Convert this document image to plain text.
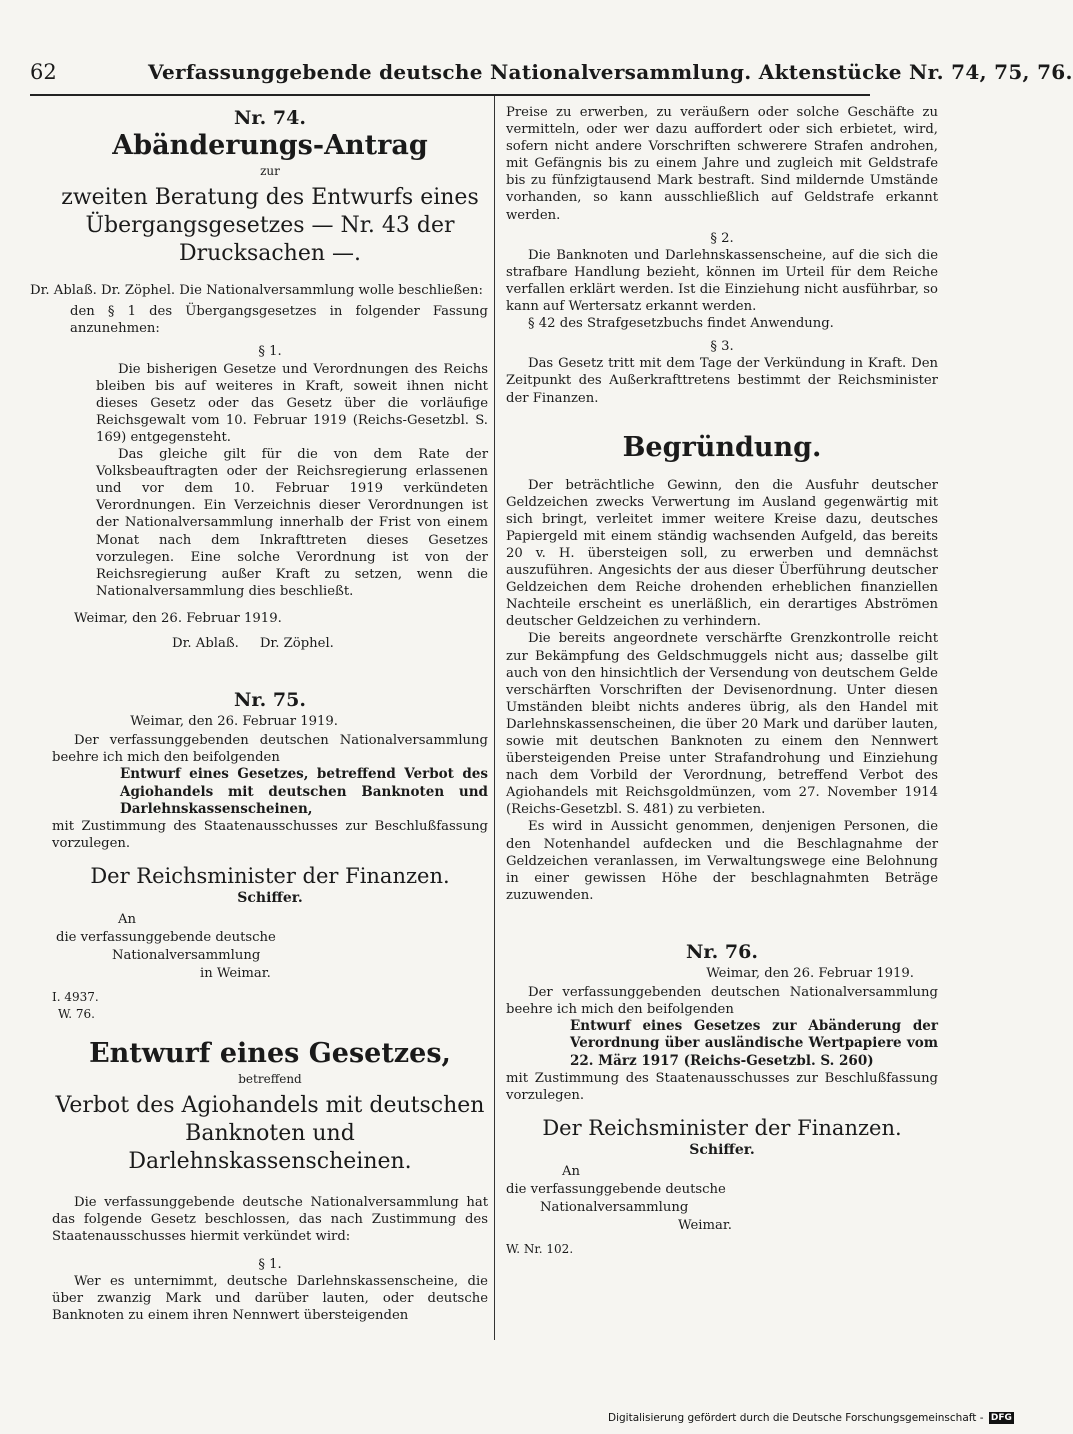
62	Verfassunggebende deutsche Nationalversammlung. Aktenstücke Nr. 74, 75, 76.

Nr. 74.

Abänderungs-Antrag

zur

zweiten Beratung des Entwurfs eines Übergangsgesetzes — Nr. 43 der Drucksachen —.

Dr. Ablaß. Dr. Zöphel. Die Nationalversammlung wolle beschließen:

den § 1 des Übergangsgesetzes in folgender Fassung anzunehmen:

§ 1.

Die bisherigen Gesetze und Verordnungen des Reichs bleiben bis auf weiteres in Kraft, soweit ihnen nicht dieses Gesetz oder das Gesetz über die vorläufige Reichsgewalt vom 10. Februar 1919 (Reichs-Gesetzbl. S. 169) entgegensteht.

Das gleiche gilt für die von dem Rate der Volksbeauftragten oder der Reichsregierung erlassenen und vor dem 10. Februar 1919 verkündeten Verordnungen. Ein Verzeichnis dieser Verordnungen ist der Nationalversammlung innerhalb der Frist von einem Monat nach dem Inkrafttreten dieses Gesetzes vorzulegen. Eine solche Verordnung ist von der Reichsregierung außer Kraft zu setzen, wenn die Nationalversammlung dies beschließt.

Weimar, den 26. Februar 1919.

Dr. Ablaß.     Dr. Zöphel.

Nr. 75.

Weimar, den 26. Februar 1919.

Der verfassunggebenden deutschen Nationalversammlung beehre ich mich den beifolgenden

Entwurf eines Gesetzes, betreffend Verbot des Agiohandels mit deutschen Banknoten und Darlehnskassenscheinen,

mit Zustimmung des Staatenausschusses zur Beschlußfassung vorzulegen.

Der Reichsminister der Finanzen.

Schiffer.

An

die verfassunggebende deutsche

Nationalversammlung

in Weimar.

I. 4937.

W. 76.

Entwurf eines Gesetzes,

betreffend

Verbot des Agiohandels mit deutschen Banknoten und Darlehnskassenscheinen.

Die verfassunggebende deutsche Nationalversammlung hat das folgende Gesetz beschlossen, das nach Zustimmung des Staatenausschusses hiermit verkündet wird:

§ 1.

Wer es unternimmt, deutsche Darlehnskassenscheine, die über zwanzig Mark und darüber lauten, oder deutsche Banknoten zu einem ihren Nennwert übersteigenden

Preise zu erwerben, zu veräußern oder solche Geschäfte zu vermitteln, oder wer dazu auffordert oder sich erbietet, wird, sofern nicht andere Vorschriften schwerere Strafen androhen, mit Gefängnis bis zu einem Jahre und zugleich mit Geldstrafe bis zu fünfzigtausend Mark bestraft. Sind mildernde Umstände vorhanden, so kann ausschließlich auf Geldstrafe erkannt werden.

§ 2.

Die Banknoten und Darlehnskassenscheine, auf die sich die strafbare Handlung bezieht, können im Urteil für dem Reiche verfallen erklärt werden. Ist die Einziehung nicht ausführbar, so kann auf Wertersatz erkannt werden.

§ 42 des Strafgesetzbuchs findet Anwendung.

§ 3.

Das Gesetz tritt mit dem Tage der Verkündung in Kraft. Den Zeitpunkt des Außerkrafttretens bestimmt der Reichsminister der Finanzen.

Begründung.

Der beträchtliche Gewinn, den die Ausfuhr deutscher Geldzeichen zwecks Verwertung im Ausland gegenwärtig mit sich bringt, verleitet immer weitere Kreise dazu, deutsches Papiergeld mit einem ständig wachsenden Aufgeld, das bereits 20 v. H. übersteigen soll, zu erwerben und demnächst auszuführen. Angesichts der aus dieser Überführung deutscher Geldzeichen dem Reiche drohenden erheblichen finanziellen Nachteile erscheint es unerläßlich, ein derartiges Abströmen deutscher Geldzeichen zu verhindern.

Die bereits angeordnete verschärfte Grenzkontrolle reicht zur Bekämpfung des Geldschmuggels nicht aus; dasselbe gilt auch von den hinsichtlich der Versendung von deutschem Gelde verschärften Vorschriften der Devisenordnung. Unter diesen Umständen bleibt nichts anderes übrig, als den Handel mit Darlehnskassenscheinen, die über 20 Mark und darüber lauten, sowie mit deutschen Banknoten zu einem den Nennwert übersteigenden Preise unter Strafandrohung und Einziehung nach dem Vorbild der Verordnung, betreffend Verbot des Agiohandels mit Reichsgoldmünzen, vom 27. November 1914 (Reichs-Gesetzbl. S. 481) zu verbieten.

Es wird in Aussicht genommen, denjenigen Personen, die den Notenhandel aufdecken und die Beschlagnahme der Geldzeichen veranlassen, im Verwaltungswege eine Belohnung in einer gewissen Höhe der beschlagnahmten Beträge zuzuwenden.

Nr. 76.

Weimar, den 26. Februar 1919.

Der verfassunggebenden deutschen Nationalversammlung beehre ich mich den beifolgenden

Entwurf eines Gesetzes zur Abänderung der Verordnung über ausländische Wertpapiere vom 22. März 1917 (Reichs-Gesetzbl. S. 260)

mit Zustimmung des Staatenausschusses zur Beschlußfassung vorzulegen.

Der Reichsminister der Finanzen.

Schiffer.

An

die verfassunggebende deutsche

Nationalversammlung

Weimar.

W. Nr. 102.

Digitalisierung gefördert durch die Deutsche Forschungsgemeinschaft - DFG
